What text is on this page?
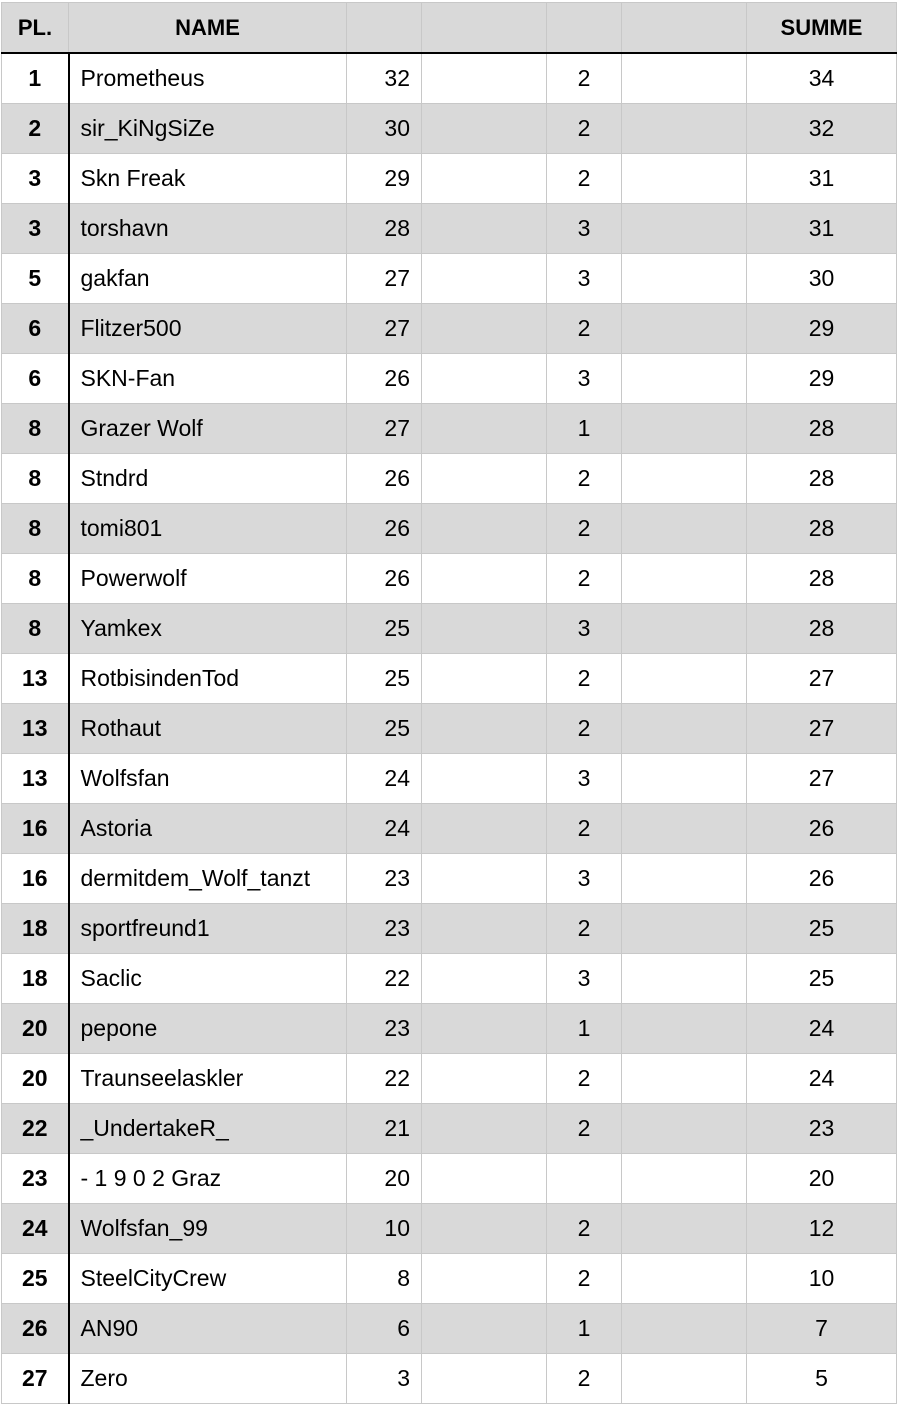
PL.	NAME					SUMME
1	Prometheus	32		2		34
2	sir_KiNgSiZe	30		2		32
3	Skn Freak	29		2		31
3	torshavn	28		3		31
5	gakfan	27		3		30
6	Flitzer500	27		2		29
6	SKN-Fan	26		3		29
8	Grazer Wolf	27		1		28
8	Stndrd	26		2		28
8	tomi801	26		2		28
8	Powerwolf	26		2		28
8	Yamkex	25		3		28
13	RotbisindenTod	25		2		27
13	Rothaut	25		2		27
13	Wolfsfan	24		3		27
16	Astoria	24		2		26
16	dermitdem_Wolf_tanzt	23		3		26
18	sportfreund1	23		2		25
18	Saclic	22		3		25
20	pepone	23		1		24
20	Traunseelaskler	22		2		24
22	_UndertakeR_	21		2		23
23	- 1 9 0 2 Graz	20				20
24	Wolfsfan_99	10		2		12
25	SteelCityCrew	8		2		10
26	AN90	6		1		7
27	Zero	3		2		5
